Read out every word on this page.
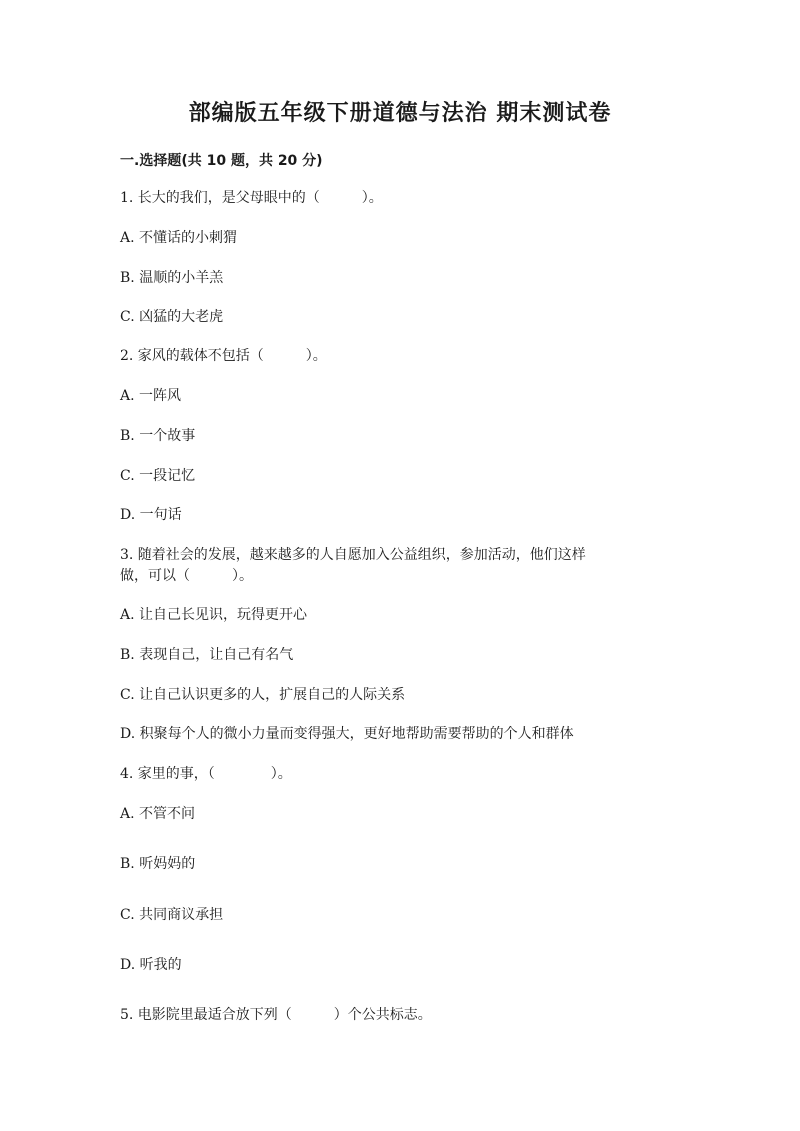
部编版五年级下册道德与法治 期末测试卷
一.选择题(共 10 题，共 20 分)
1. 长大的我们，是父母眼中的（　　　）。
A. 不懂话的小刺猬
B. 温顺的小羊羔
C. 凶猛的大老虎
2. 家风的载体不包括（　　　）。
A. 一阵风
B. 一个故事
C. 一段记忆
D. 一句话
3. 随着社会的发展，越来越多的人自愿加入公益组织，参加活动，他们这样
做，可以（　　　）。
A. 让自己长见识，玩得更开心
B. 表现自己，让自己有名气
C. 让自己认识更多的人，扩展自己的人际关系
D. 积聚每个人的微小力量而变得强大，更好地帮助需要帮助的个人和群体
4. 家里的事，（　　　　）。
A. 不管不问
B. 听妈妈的
C. 共同商议承担
D. 听我的
5. 电影院里最适合放下列（　　　）个公共标志。
